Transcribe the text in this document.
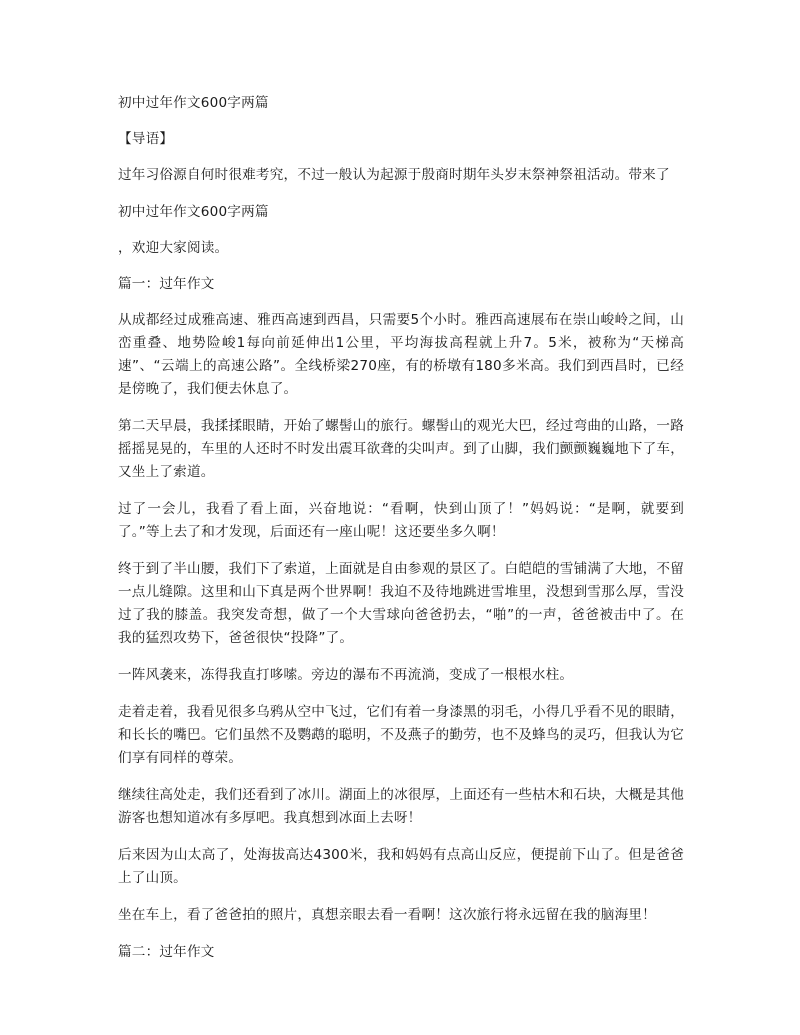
初中过年作文600字两篇
【导语】
过年习俗源自何时很难考究，不过一般认为起源于殷商时期年头岁末祭神祭祖活动。带来了
初中过年作文600字两篇
，欢迎大家阅读。
篇一：过年作文
从成都经过成雅高速、雅西高速到西昌，只需要5个小时。雅西高速展布在崇山峻岭之间，山峦重叠、地势险峻1每向前延伸出1公里，平均海拔高程就上升7。5米，被称为“天梯高速”、“云端上的高速公路”。全线桥梁270座，有的桥墩有180多米高。我们到西昌时，已经是傍晚了，我们便去休息了。
第二天早晨，我揉揉眼睛，开始了螺髻山的旅行。螺髻山的观光大巴，经过弯曲的山路，一路摇摇晃晃的，车里的人还时不时发出震耳欲聋的尖叫声。到了山脚，我们颤颤巍巍地下了车，又坐上了索道。
过了一会儿，我看了看上面，兴奋地说：“看啊，快到山顶了！”妈妈说：“是啊，就要到了。”等上去了和才发现，后面还有一座山呢！这还要坐多久啊！
终于到了半山腰，我们下了索道，上面就是自由参观的景区了。白皑皑的雪铺满了大地，不留一点儿缝隙。这里和山下真是两个世界啊！我迫不及待地跳进雪堆里，没想到雪那么厚，雪没过了我的膝盖。我突发奇想，做了一个大雪球向爸爸扔去，“啪”的一声，爸爸被击中了。在我的猛烈攻势下，爸爸很快“投降”了。
一阵风袭来，冻得我直打哆嗦。旁边的瀑布不再流淌，变成了一根根水柱。
走着走着，我看见很多乌鸦从空中飞过，它们有着一身漆黑的羽毛，小得几乎看不见的眼睛，和长长的嘴巴。它们虽然不及鹦鹉的聪明，不及燕子的勤劳，也不及蜂鸟的灵巧，但我认为它们享有同样的尊荣。
继续往高处走，我们还看到了冰川。湖面上的冰很厚，上面还有一些枯木和石块，大概是其他游客也想知道冰有多厚吧。我真想到冰面上去呀！
后来因为山太高了，处海拔高达4300米，我和妈妈有点高山反应，便提前下山了。但是爸爸上了山顶。
坐在车上，看了爸爸拍的照片，真想亲眼去看一看啊！这次旅行将永远留在我的脑海里！
篇二：过年作文
